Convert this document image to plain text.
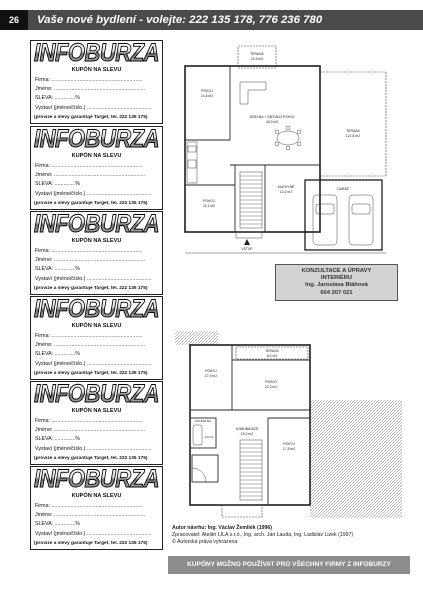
26	Vaše nové bydlení - volejte: 222 135 178, 776 236 780
INFOBURZA
KUPÓN NA SLEVU
Firma: ..............................................................
Jméno: ..............................................................
SLEVA: ..............%
Vystaví (jméno/číslo.) ............................................
(provize a slevy garantuje Target, tel. 222 135 175)
INFOBURZA
KUPÓN NA SLEVU
Firma: ..............................................................
Jméno: ..............................................................
SLEVA: ..............%
Vystaví (jméno/číslo.) ............................................
(provize a slevy garantuje Target, tel. 222 135 175)
INFOBURZA
KUPÓN NA SLEVU
Firma: ..............................................................
Jméno: ..............................................................
SLEVA: ..............%
Vystaví (jméno/číslo.) ............................................
(provize a slevy garantuje Target, tel. 222 135 175)
INFOBURZA
KUPÓN NA SLEVU
Firma: ..............................................................
Jméno: ..............................................................
SLEVA: ..............%
Vystaví (jméno/číslo.) ............................................
(provize a slevy garantuje Target, tel. 222 135 175)
INFOBURZA
KUPÓN NA SLEVU
Firma: ..............................................................
Jméno: ..............................................................
SLEVA: ..............%
Vystaví (jméno/číslo.) ............................................
(provize a slevy garantuje Target, tel. 222 135 175)
INFOBURZA
KUPÓN NA SLEVU
Firma: ..............................................................
Jméno: ..............................................................
SLEVA: ..............%
Vystaví (jméno/číslo.) ............................................
(provize a slevy garantuje Target, tel. 222 135 175)
TERASA
22,5 m2
POKOJ
14,5 m2
JÍDELNA + OBÝVACÍ POKOJ
43,9 m2
TERASA
121,8 m2
POKOJ
11,1 m2
KUCHYNĚ
13,2 m2
GARÁŽ
VSTUP
KONZULTACE A ÚPRAVY
INTERIÉRU
Ing. Jaroslava Bláhová
604 207 021
TERASA
8,0 m2
POKOJ
17,9 m2
POKOJ
22,3 m2
KOUPELNA
4,9 m2
KOMUNIKACE
19,2 m2
POKOJ
17,8 m2
Autor návrhu: Ing. Václav Žemlièk (1996)
Zpracovatel: Ateliér LILA s.r.o., Ing. arch. Jan Lauda, Ing. Ladislav Lizek (1997)
© Autorská práva vyhrazena
KUPÓNY MOŽNO POUŽÍVAT PRO VŠECHNY FIRMY Z INFOBURZY
